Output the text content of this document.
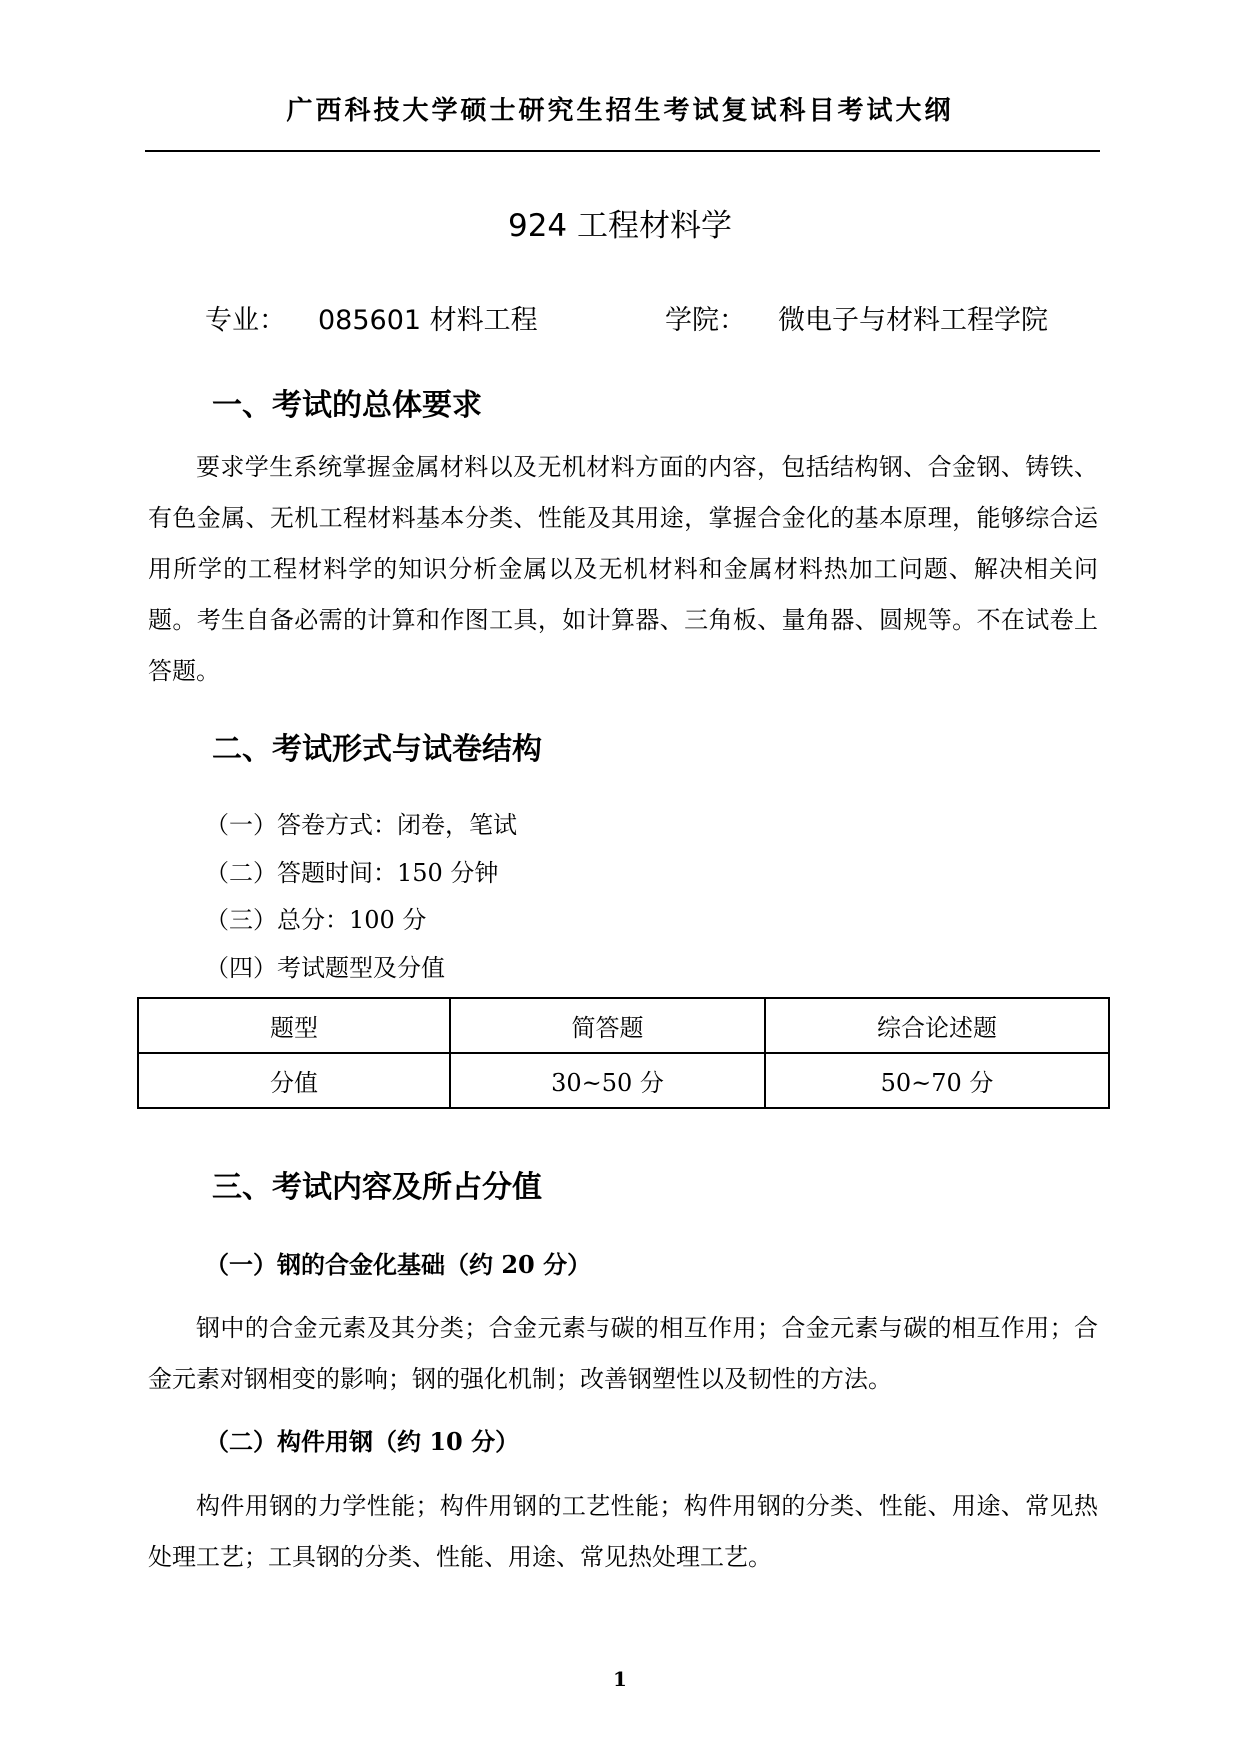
广西科技大学硕士研究生招生考试复试科目考试大纲
924 工程材料学
专业： 085601 材料工程	学院： 微电子与材料工程学院
一、考试的总体要求
要求学生系统掌握金属材料以及无机材料方面的内容，包括结构钢、合金钢、铸铁、有色金属、无机工程材料基本分类、性能及其用途，掌握合金化的基本原理，能够综合运用所学的工程材料学的知识分析金属以及无机材料和金属材料热加工问题、解决相关问题。考生自备必需的计算和作图工具，如计算器、三角板、量角器、圆规等。不在试卷上答题。
二、考试形式与试卷结构
（一）答卷方式：闭卷，笔试
（二）答题时间：150 分钟
（三）总分：100 分
（四）考试题型及分值
题型	简答题	综合论述题
分值	30~50 分	50~70 分
三、考试内容及所占分值
（一）钢的合金化基础（约 20 分）
钢中的合金元素及其分类；合金元素与碳的相互作用；合金元素与碳的相互作用；合金元素对钢相变的影响；钢的强化机制；改善钢塑性以及韧性的方法。
（二）构件用钢（约 10 分）
构件用钢的力学性能；构件用钢的工艺性能；构件用钢的分类、性能、用途、常见热处理工艺；工具钢的分类、性能、用途、常见热处理工艺。
1
